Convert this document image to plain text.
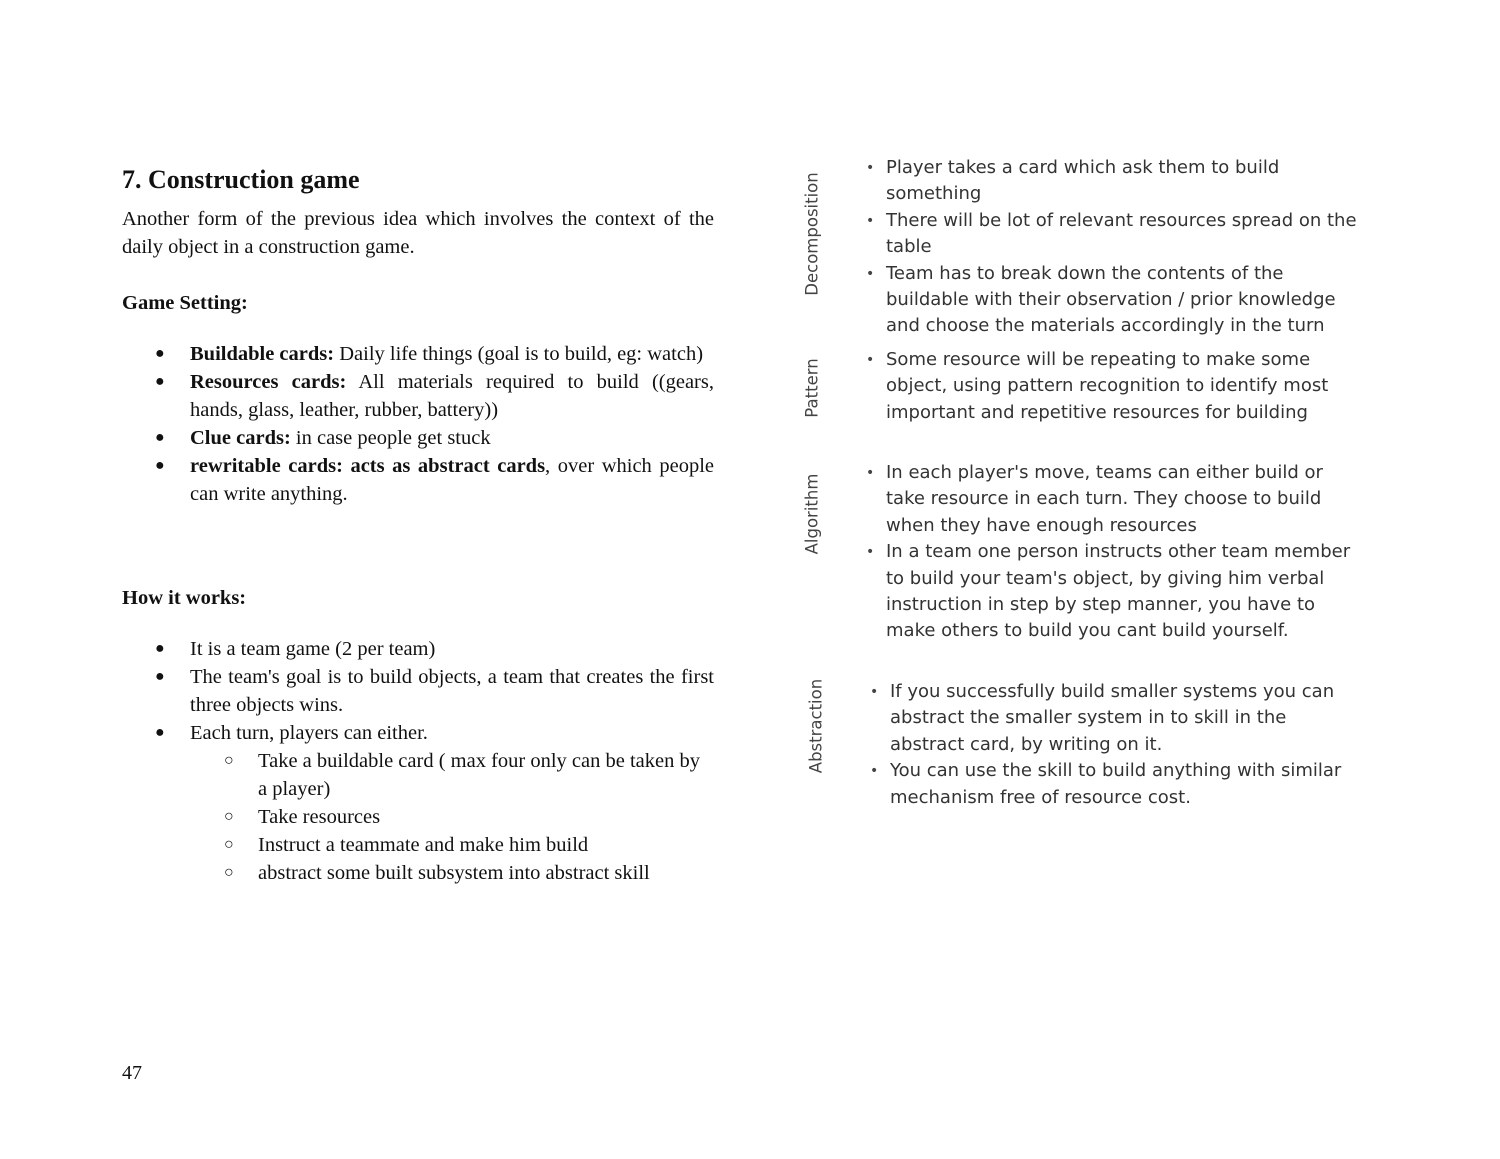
7. Construction game

Another form of the previous idea which involves the context of the daily object in a construction game.

Game Setting:
● Buildable cards: Daily life things (goal is to build, eg: watch)
● Resources cards: All materials required to build ((gears, hands, glass, leather, rubber, battery))
● Clue cards: in case people get stuck
● rewritable cards: acts as abstract cards, over which people can write anything.
How it works:
● It is a team game (2 per team)
● The team's goal is to build objects, a team that creates the first three objects wins.
● Each turn, players can either.
○ Take a buildable card ( max four only can be taken by a player)
○ Take resources
○ Instruct a teammate and make him build
○ abstract some built subsystem into abstract skill
47
Decomposition
• Player takes a card which ask them to build something
• There will be lot of relevant resources spread on the table
• Team has to break down the contents of the buildable with their observation / prior knowledge and choose the materials accordingly in the turn
Pattern	• Some resource will be repeating to make some object, using pattern recognition to identify most important and repetitive resources for building
Algorithm
• In each player's move, teams can either build or take resource in each turn. They choose to build when they have enough resources
• In a team one person instructs other team member to build your team's object, by giving him verbal instruction in step by step manner, you have to make others to build you cant build yourself.
Abstraction	• If you successfully build smaller systems you can abstract the smaller system in to skill in the abstract card, by writing on it.
• You can use the skill to build anything with similar mechanism free of resource cost.
